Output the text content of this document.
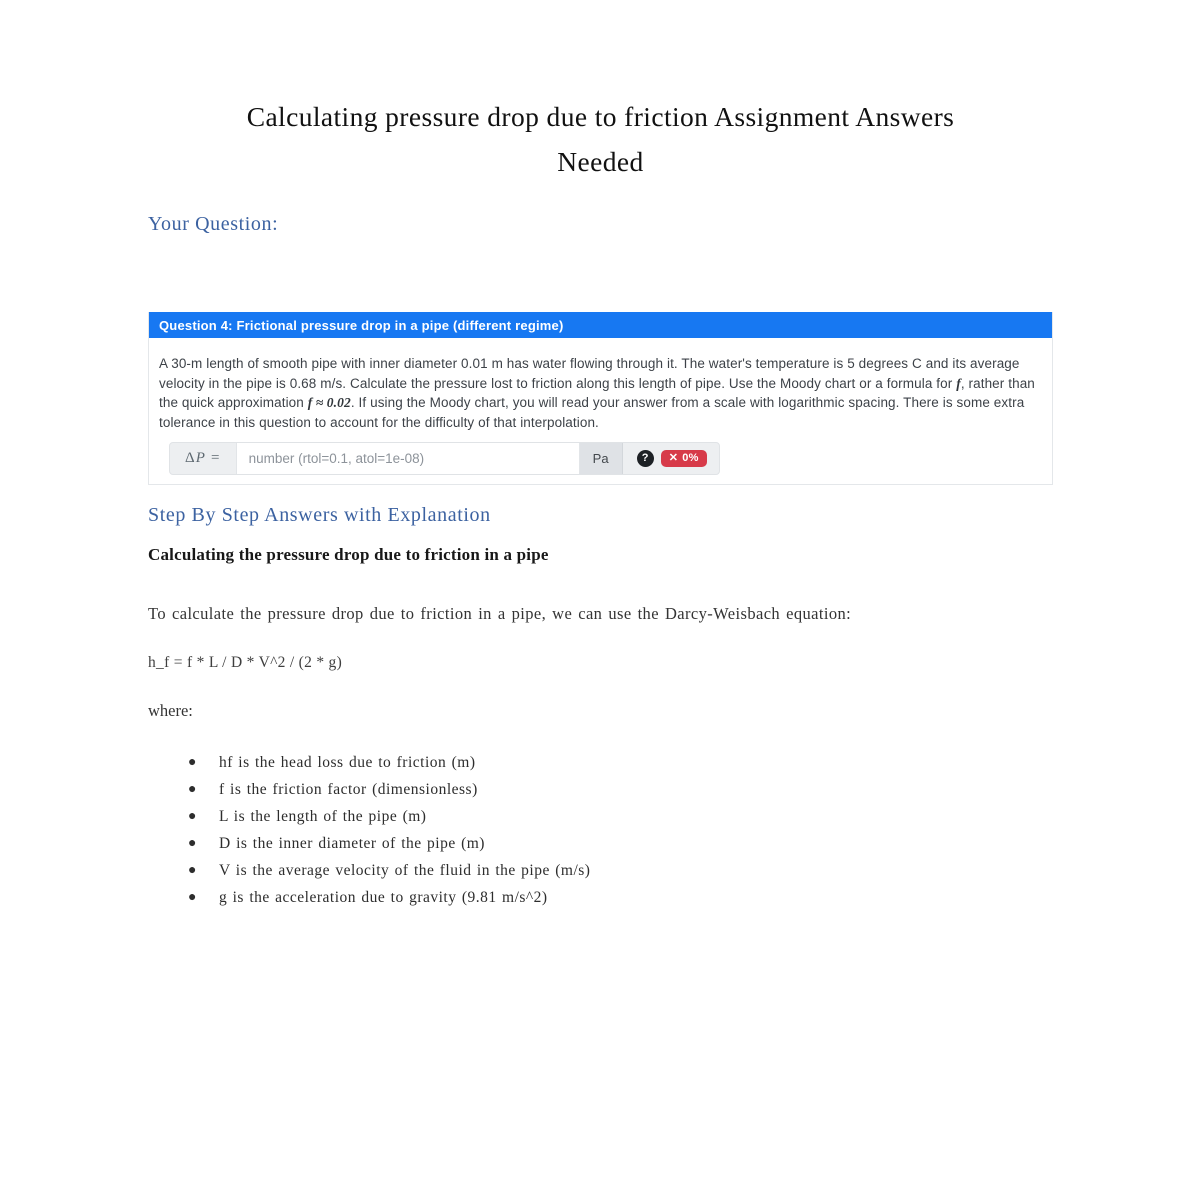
Calculating pressure drop due to friction Assignment Answers
Needed
Your Question:
Question 4: Frictional pressure drop in a pipe (different regime)
A 30-m length of smooth pipe with inner diameter 0.01 m has water flowing through it. The water's temperature is 5 degrees C and its average velocity in the pipe is 0.68 m/s. Calculate the pressure lost to friction along this length of pipe. Use the Moody chart or a formula for f, rather than the quick approximation f ≈ 0.02. If using the Moody chart, you will read your answer from a scale with logarithmic spacing. There is some extra tolerance in this question to account for the difficulty of that interpolation.
Δ P =
number (rtol=0.1, atol=1e-08)	Pa	?	✕ 0%
Step By Step Answers with Explanation
Calculating the pressure drop due to friction in a pipe

To calculate the pressure drop due to friction in a pipe, we can use the Darcy-Weisbach equation:

h_f = f * L / D * V^2 / (2 * g)
where:
● hf is the head loss due to friction (m)
● f is the friction factor (dimensionless)
● L is the length of the pipe (m)
● D is the inner diameter of the pipe (m)
● V is the average velocity of the fluid in the pipe (m/s)
● g is the acceleration due to gravity (9.81 m/s^2)
